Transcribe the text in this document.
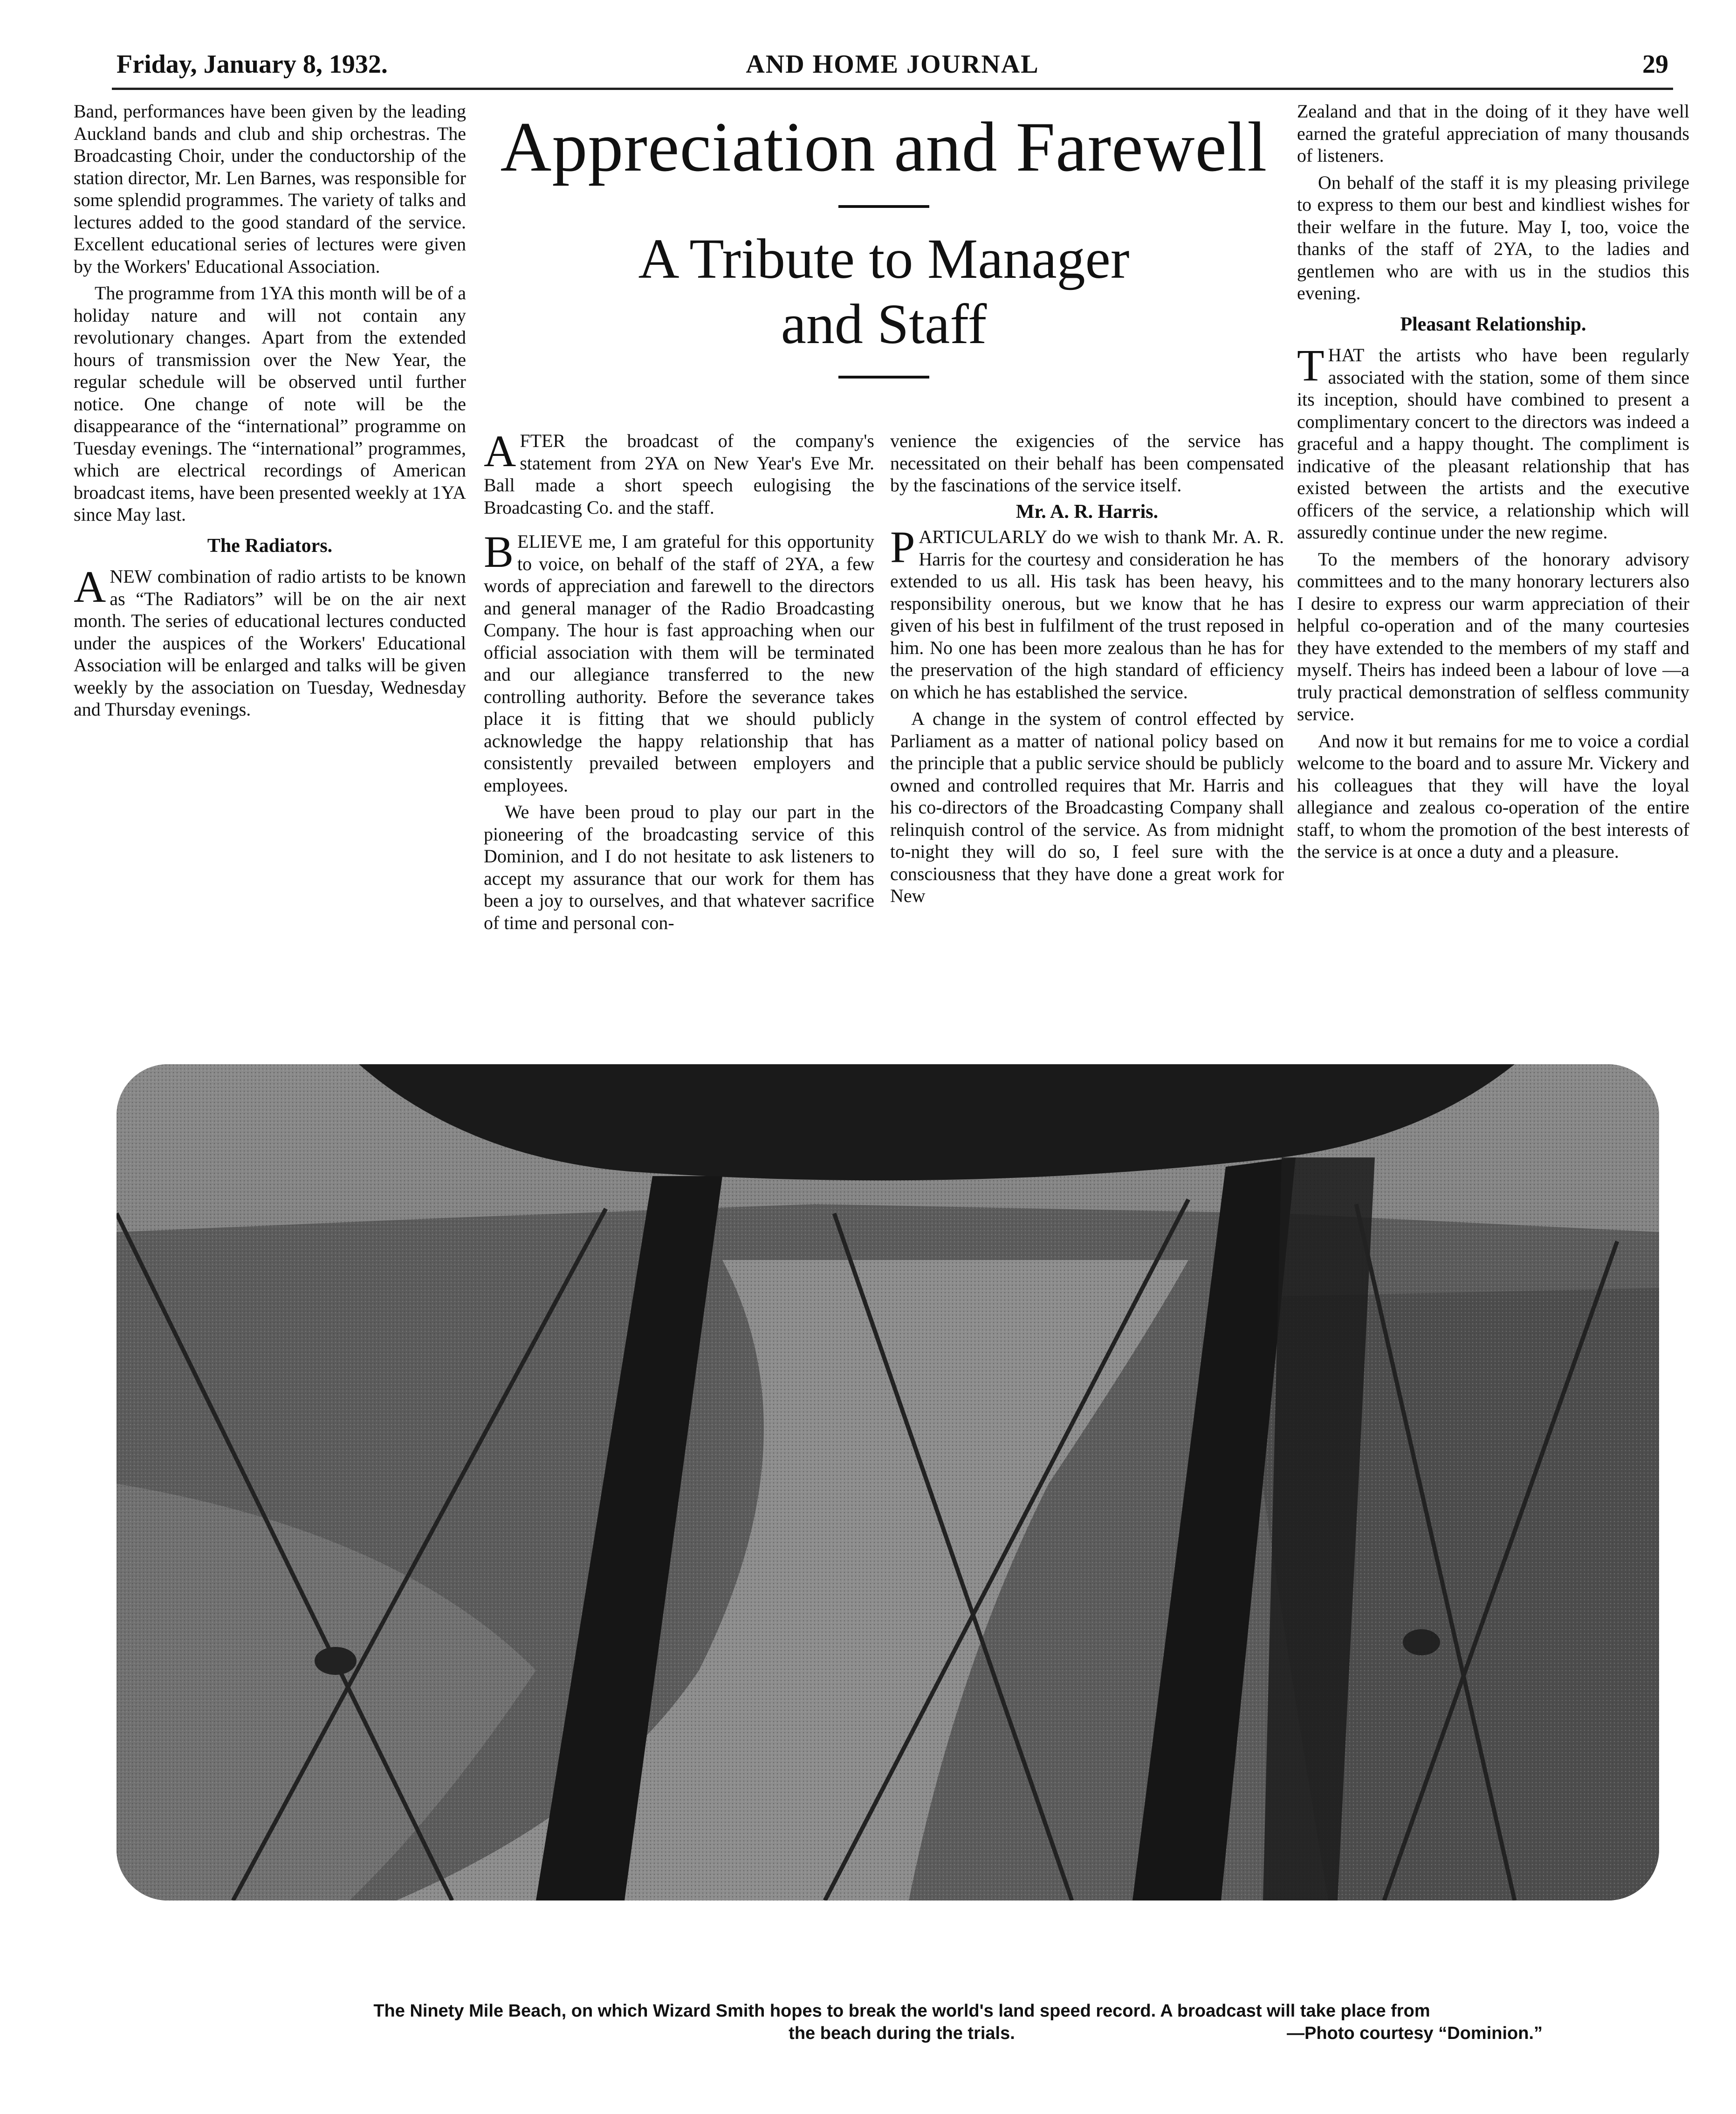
Friday, January 8, 1932.	AND HOME JOURNAL	29

Band, performances have been given by the leading Auckland bands and club and ship orchestras. The Broadcasting Choir, under the conductorship of the station director, Mr. Len Barnes, was responsible for some splendid programmes. The variety of talks and lectures added to the good standard of the service. Excellent educational series of lectures were given by the Workers' Educational Association.

The programme from 1YA this month will be of a holiday nature and will not contain any revolutionary changes. Apart from the extended hours of transmission over the New Year, the regular schedule will be observed until further notice. One change of note will be the disappearance of the “international” programme on Tuesday evenings. The “international” programmes, which are electrical recordings of American broadcast items, have been presented weekly at 1YA since May last.

The Radiators.

A NEW combination of radio artists to be known as “The Radiators” will be on the air next month. The series of educational lectures conducted under the auspices of the Workers' Educational Association will be enlarged and talks will be given weekly by the association on Tuesday, Wednesday and Thursday evenings.

Appreciation and Farewell
A Tribute to Manager
and Staff

AFTER the broadcast of the company's statement from 2YA on New Year's Eve Mr. Ball made a short speech eulogising the Broadcasting Co. and the staff.

BELIEVE me, I am grateful for this opportunity to voice, on behalf of the staff of 2YA, a few words of appreciation and farewell to the directors and general manager of the Radio Broadcasting Company. The hour is fast approaching when our official association with them will be terminated and our allegiance transferred to the new controlling authority. Before the severance takes place it is fitting that we should publicly acknowledge the happy relationship that has consistently prevailed between employers and employees.

We have been proud to play our part in the pioneering of the broadcasting service of this Dominion, and I do not hesitate to ask listeners to accept my assurance that our work for them has been a joy to ourselves, and that whatever sacrifice of time and personal con-

venience the exigencies of the service has necessitated on their behalf has been compensated by the fascinations of the service itself.

Mr. A. R. Harris.

PARTICULARLY do we wish to thank Mr. A. R. Harris for the courtesy and consideration he has extended to us all. His task has been heavy, his responsibility onerous, but we know that he has given of his best in fulfilment of the trust reposed in him. No one has been more zealous than he has for the preservation of the high standard of efficiency on which he has established the service.

A change in the system of control effected by Parliament as a matter of national policy based on the principle that a public service should be publicly owned and controlled requires that Mr. Harris and his co-directors of the Broadcasting Company shall relinquish control of the service. As from midnight to-night they will do so, I feel sure with the consciousness that they have done a great work for New

Zealand and that in the doing of it they have well earned the grateful appreciation of many thousands of listeners.

On behalf of the staff it is my pleasing privilege to express to them our best and kindliest wishes for their welfare in the future. May I, too, voice the thanks of the staff of 2YA, to the ladies and gentlemen who are with us in the studios this evening.

Pleasant Relationship.

THAT the artists who have been regularly associated with the station, some of them since its inception, should have combined to present a complimentary concert to the directors was indeed a graceful and a happy thought. The compliment is indicative of the pleasant relationship that has existed between the artists and the executive officers of the service, a relationship which will assuredly continue under the new regime.

To the members of the honorary advisory committees and to the many honorary lecturers also I desire to express our warm appreciation of their helpful co-operation and of the many courtesies they have extended to the members of my staff and myself. Theirs has indeed been a labour of love —a truly practical demonstration of selfless community service.

And now it but remains for me to voice a cordial welcome to the board and to assure Mr. Vickery and his colleagues that they will have the loyal allegiance and zealous co-operation of the entire staff, to whom the promotion of the best interests of the service is at once a duty and a pleasure.

The Ninety Mile Beach, on which Wizard Smith hopes to break the world's land speed record. A broadcast will take place from
the beach during the trials.	—Photo courtesy “Dominion.”
